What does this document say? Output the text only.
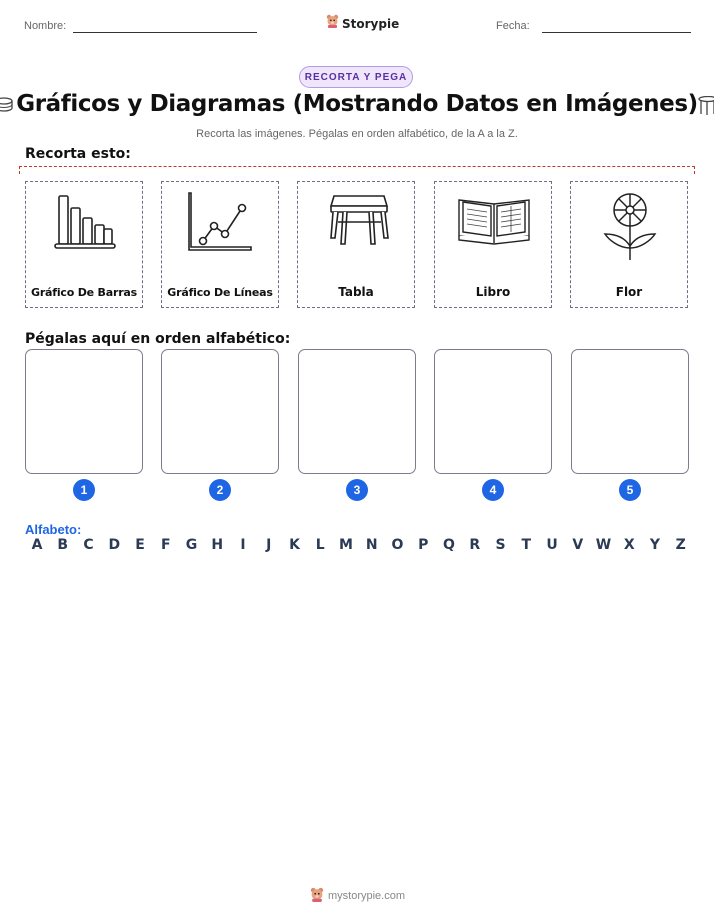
Nombre:	Storypie	Fecha:
RECORTA Y PEGA
Gráficos y Diagramas (Mostrando Datos en Imágenes)
Recorta las imágenes. Pégalas en orden alfabético, de la A a la Z.
Recorta esto:
Gráfico De Barras	Gráfico De Líneas	Tabla	Libro	Flor
Pégalas aquí en orden alfabético:
1	2	3	4	5
Alfabeto:
A	B	C	D	E	F	G	H	I	J	K	L	M N O	P	Q	R	S	T	U	V W X	Y	Z
mystorypie.com
